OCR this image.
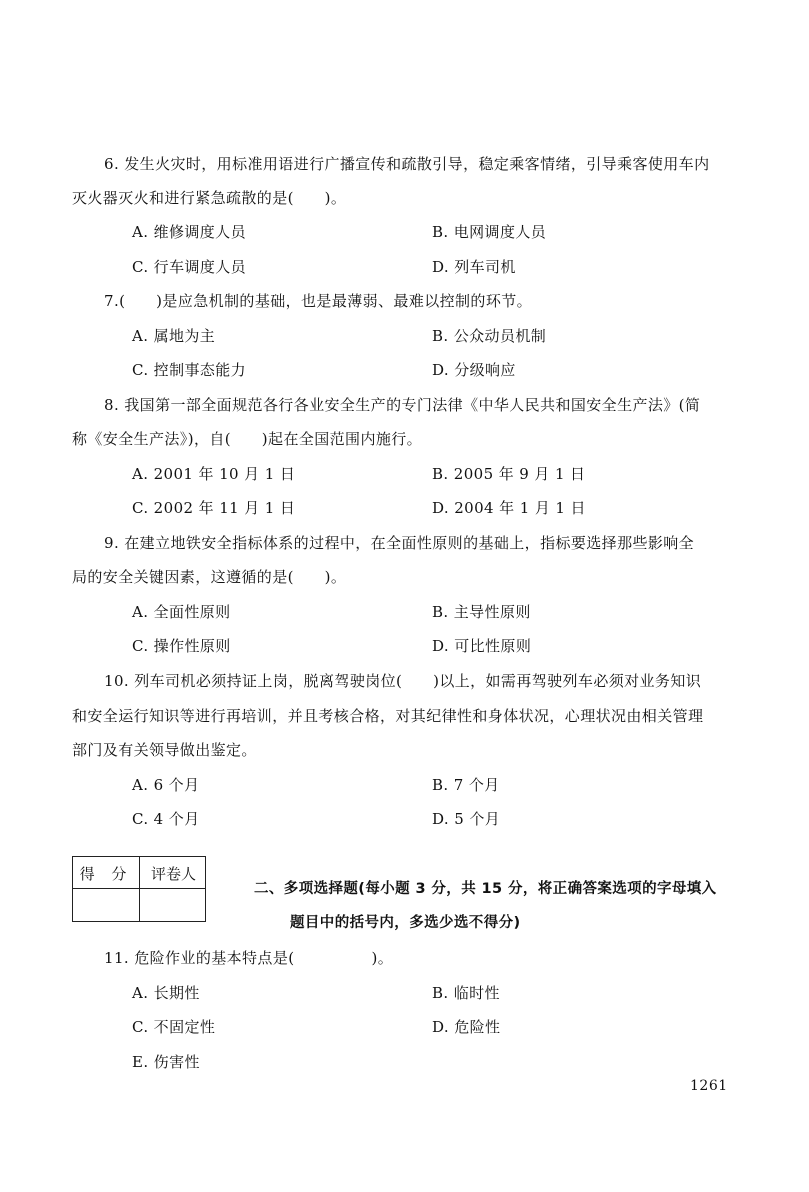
6. 发生火灾时，用标准用语进行广播宣传和疏散引导，稳定乘客情绪，引导乘客使用车内
灭火器灭火和进行紧急疏散的是(　　)。
A. 维修调度人员	B. 电网调度人员
C. 行车调度人员	D. 列车司机
7.(　　)是应急机制的基础，也是最薄弱、最难以控制的环节。
A. 属地为主	B. 公众动员机制
C. 控制事态能力	D. 分级响应
8. 我国第一部全面规范各行各业安全生产的专门法律《中华人民共和国安全生产法》(简
称《安全生产法》)，自(　　)起在全国范围内施行。
A. 2001 年 10 月 1 日	B. 2005 年 9 月 1 日
C. 2002 年 11 月 1 日	D. 2004 年 1 月 1 日
9. 在建立地铁安全指标体系的过程中，在全面性原则的基础上，指标要选择那些影响全
局的安全关键因素，这遵循的是(　　)。
A. 全面性原则	B. 主导性原则
C. 操作性原则	D. 可比性原则
10. 列车司机必须持证上岗，脱离驾驶岗位(　　)以上，如需再驾驶列车必须对业务知识
和安全运行知识等进行再培训，并且考核合格，对其纪律性和身体状况，心理状况由相关管理
部门及有关领导做出鉴定。
A. 6 个月	B. 7 个月
C. 4 个月	D. 5 个月
得 分	评卷人
二、多项选择题(每小题 3 分，共 15 分，将正确答案选项的字母填入
题目中的括号内，多选少选不得分)
11. 危险作业的基本特点是(　　　　　)。
A. 长期性	B. 临时性
C. 不固定性	D. 危险性
E. 伤害性
1261
